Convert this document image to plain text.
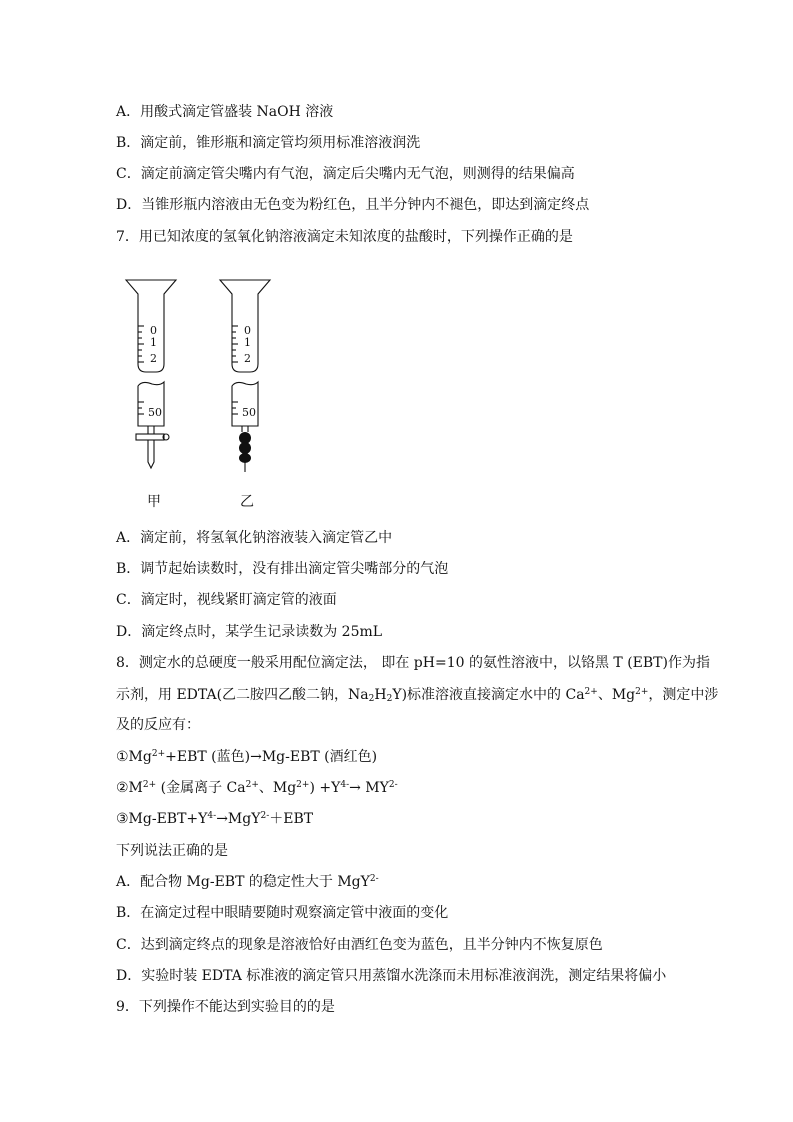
A．用酸式滴定管盛装 NaOH 溶液
B．滴定前，锥形瓶和滴定管均须用标准溶液润洗
C．滴定前滴定管尖嘴内有气泡，滴定后尖嘴内无气泡，则测得的结果偏高
D．当锥形瓶内溶液由无色变为粉红色，且半分钟内不褪色，即达到滴定终点
7．用已知浓度的氢氧化钠溶液滴定未知浓度的盐酸时，下列操作正确的是
0
1
2
50
0
1
2
50
甲	乙
A．滴定前，将氢氧化钠溶液装入滴定管乙中
B．调节起始读数时，没有排出滴定管尖嘴部分的气泡
C．滴定时，视线紧盯滴定管的液面
D．滴定终点时，某学生记录读数为 25mL
8．测定水的总硬度一般采用配位滴定法， 即在 pH=10 的氨性溶液中，以铬黑 T (EBT)作为指
示剂，用 EDTA(乙二胺四乙酸二钠，$Na_2H_2Y$)标准溶液直接滴定水中的 $Ca^{2+}$、$Mg^{2+}$，测定中涉
及的反应有：
$①Mg^{2+}+EBT$ (蓝色)→Mg-EBT (酒红色)
$②M^{2+}$ (金属离子 $Ca^{2+}$、$Mg^{2+}) +Y^{4-}\to MY^{2-}$
③Mg-$EBT+Y^{4-}\to MgY^{2-}+EBT$
下列说法正确的是
A．配合物 Mg-EBT 的稳定性大于 MgY$^{2-}$
B．在滴定过程中眼睛要随时观察滴定管中液面的变化
C．达到滴定终点的现象是溶液恰好由酒红色变为蓝色，且半分钟内不恢复原色
D．实验时装 EDTA 标准液的滴定管只用蒸馏水洗涤而未用标准液润洗，测定结果将偏小
9．下列操作不能达到实验目的的是
